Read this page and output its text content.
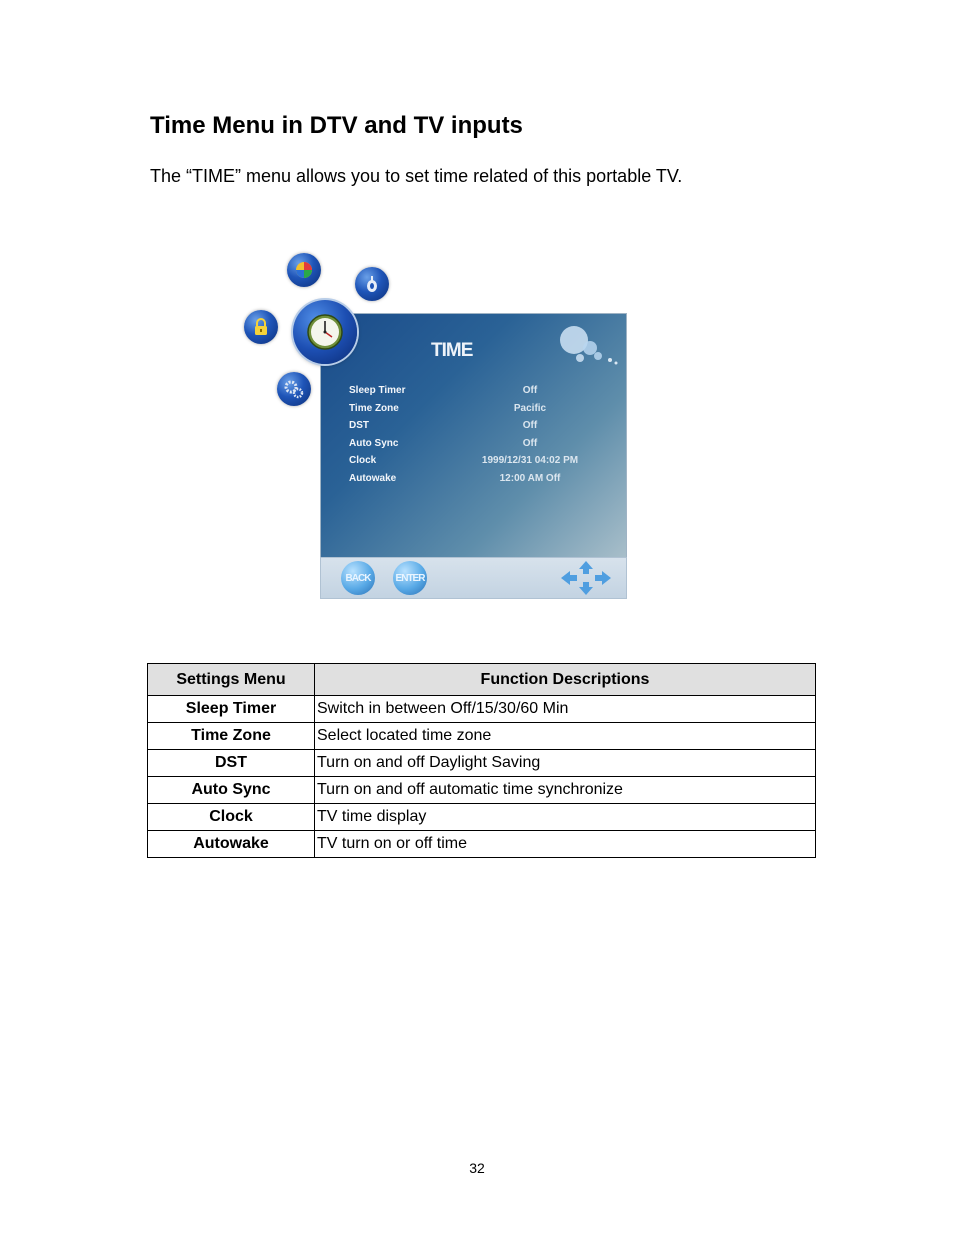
Time Menu in DTV and TV inputs

The “TIME” menu allows you to set time related of this portable TV.

TIME
Sleep Timer	Off
Time Zone	Pacific
DST	Off
Auto Sync	Off
Clock	1999/12/31 04:02 PM
Autowake	12:00 AM Off
BACK	ENTER
Settings Menu	Function Descriptions
Sleep Timer	Switch in between Off/15/30/60 Min
Time Zone	Select located time zone
DST	Turn on and off Daylight Saving
Auto Sync	Turn on and off automatic time synchronize
Clock	TV time display
Autowake	TV turn on or off time
32
